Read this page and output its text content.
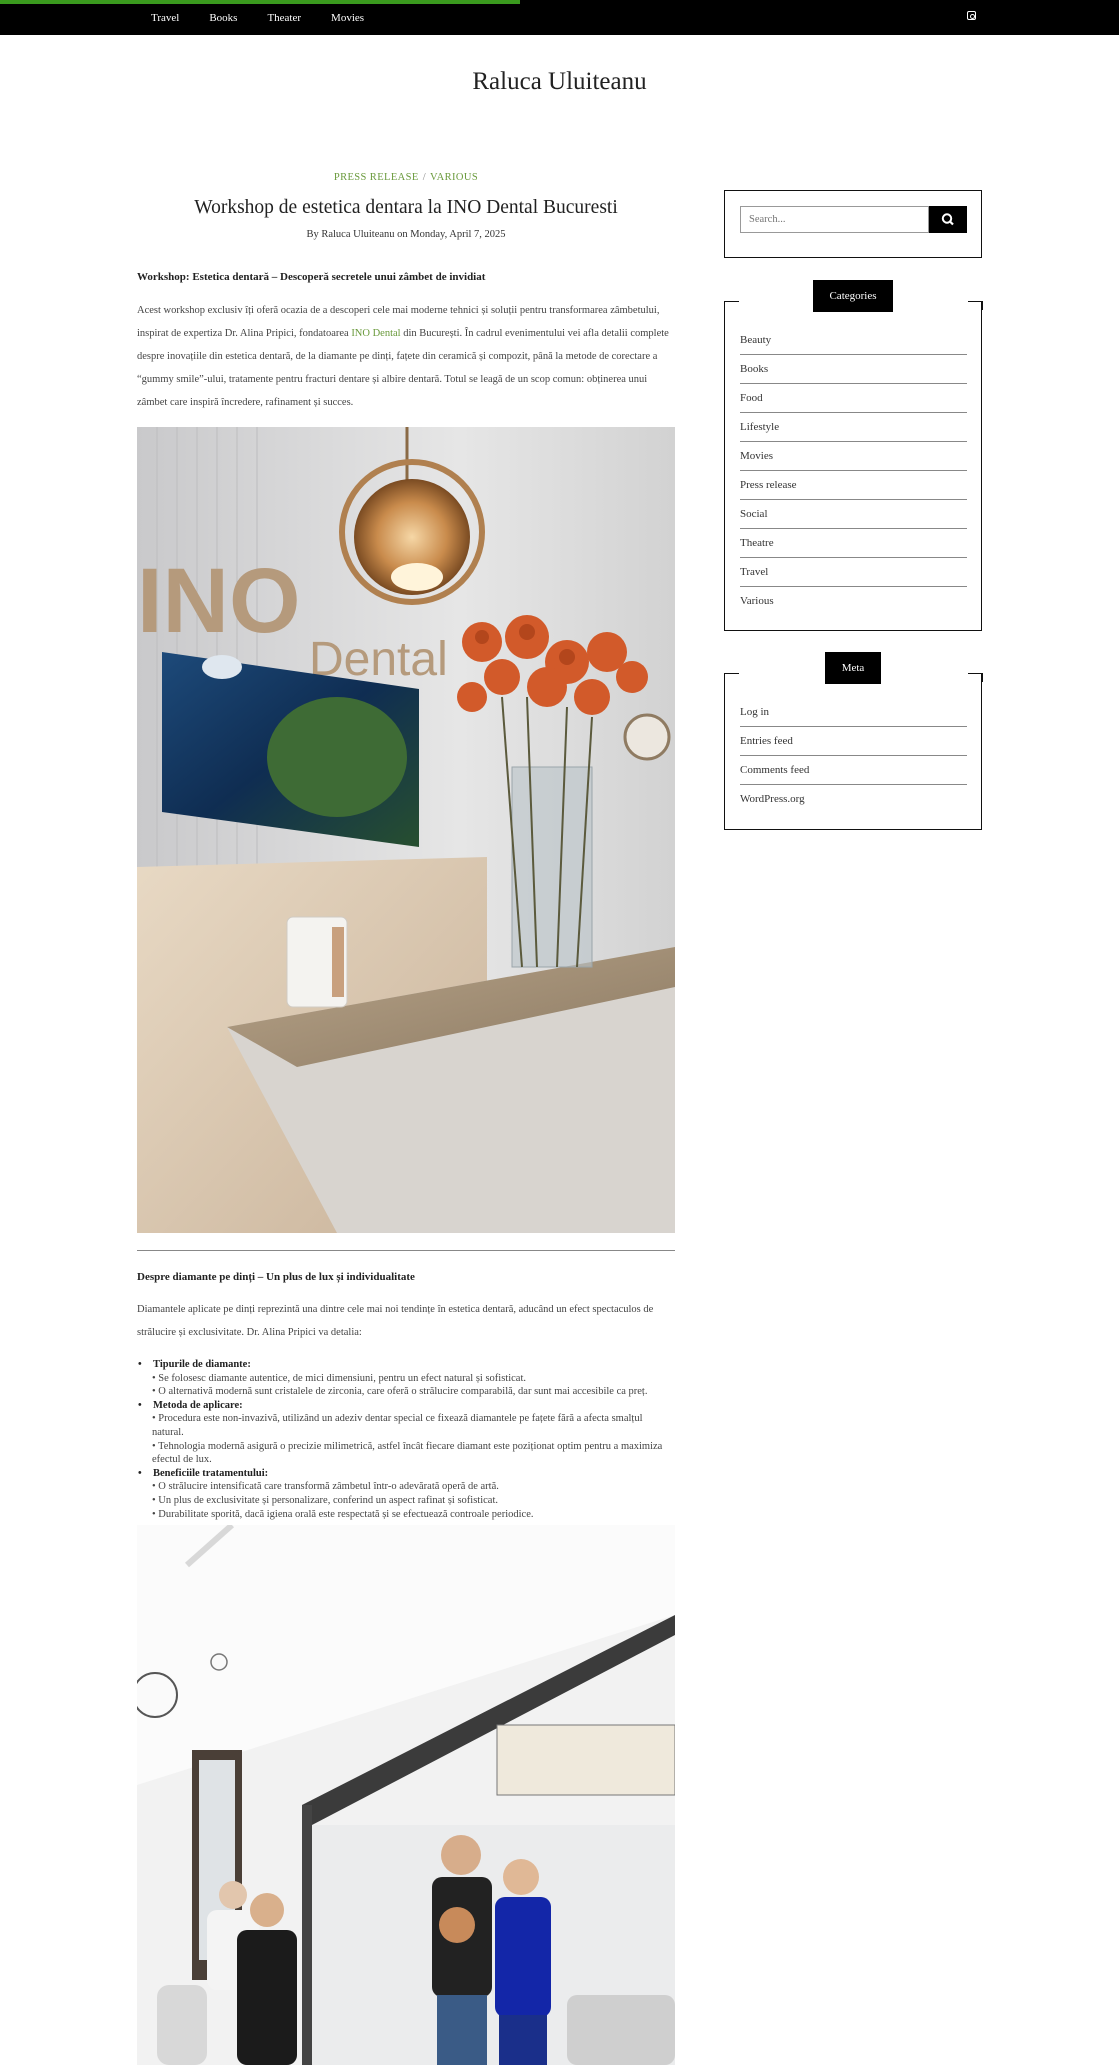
Travel	Books	Theater	Movies
Raluca Uluiteanu
PRESS RELEASE / VARIOUS
Workshop de estetica dentara la INO Dental Bucuresti
By Raluca Uluiteanu on Monday, April 7, 2025
Workshop: Estetica dentară – Descoperă secretele unui zâmbet de invidiat

Acest workshop exclusiv îți oferă ocazia de a descoperi cele mai moderne tehnici și soluții pentru transformarea zâmbetului, inspirat de expertiza Dr. Alina Pripici, fondatoarea INO Dental din București. În cadrul evenimentului vei afla detalii complete despre inovațiile din estetica dentară, de la diamante pe dinți, fațete din ceramică și compozit, până la metode de corectare a “gummy smile”-ului, tratamente pentru fracturi dentare și albire dentară. Totul se leagă de un scop comun: obținerea unui zâmbet care inspiră încredere, rafinament și succes.

INO
Dental
Despre diamante pe dinți – Un plus de lux și individualitate

Diamantele aplicate pe dinți reprezintă una dintre cele mai noi tendințe în estetica dentară, aducând un efect spectaculos de strălucire și exclusivitate. Dr. Alina Pripici va detalia:

• Tipurile de diamante:
• Se folosesc diamante autentice, de mici dimensiuni, pentru un efect natural și sofisticat.
• O alternativă modernă sunt cristalele de zirconia, care oferă o strălucire comparabilă, dar sunt mai accesibile ca preț.
• Metoda de aplicare:
• Procedura este non-invazivă, utilizând un adeziv dentar special ce fixează diamantele pe fațete fără a afecta smalțul natural.
• Tehnologia modernă asigură o precizie milimetrică, astfel încât fiecare diamant este poziționat optim pentru a maximiza efectul de lux.
• Beneficiile tratamentului:
• O strălucire intensificată care transformă zâmbetul într-o adevărată operă de artă.
• Un plus de exclusivitate și personalizare, conferind un aspect rafinat și sofisticat.
• Durabilitate sporită, dacă igiena orală este respectată și se efectuează controale periodice.
Search...
Categories
Beauty
Books
Food
Lifestyle
Movies
Press release
Social
Theatre
Travel
Various
Meta
Log in
Entries feed
Comments feed
WordPress.org
